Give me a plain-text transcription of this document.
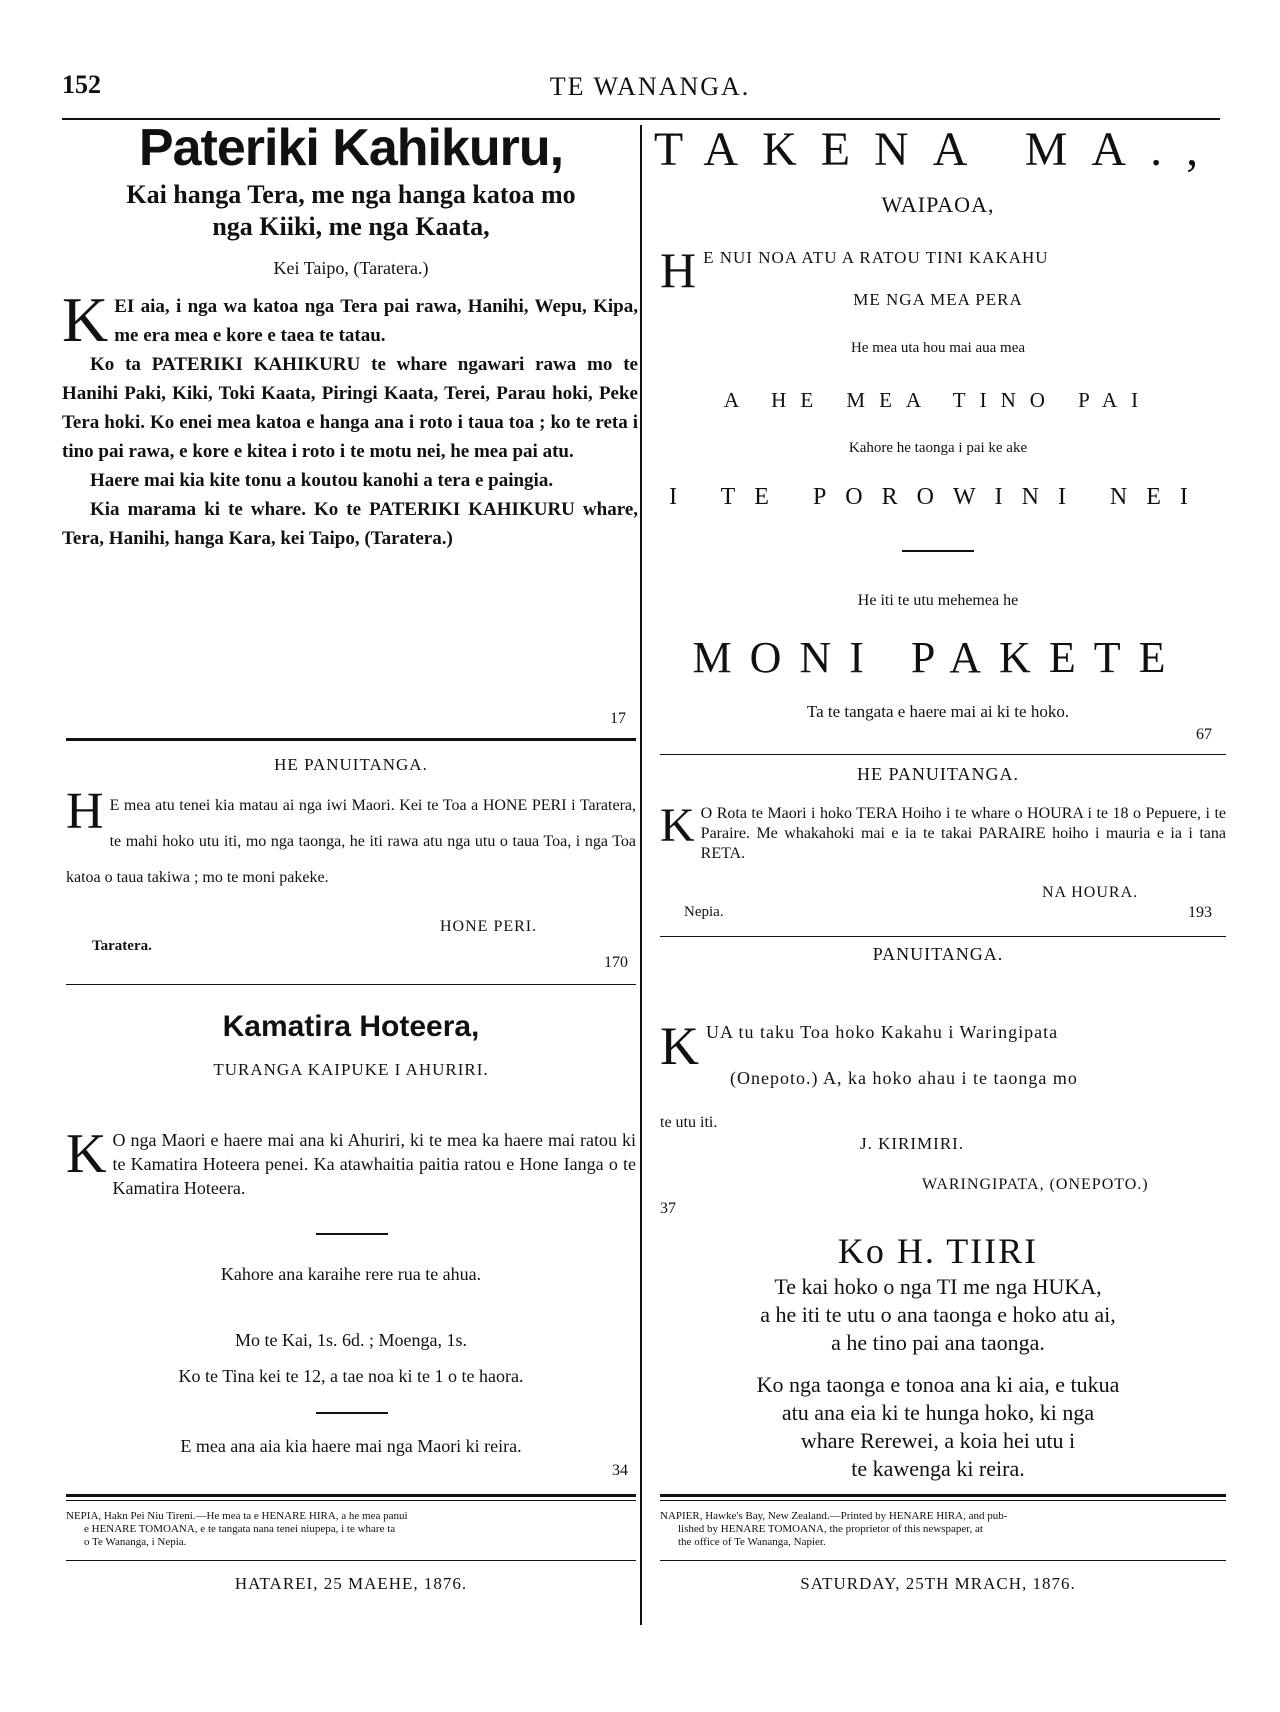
152	TE WANANGA.
Pateriki Kahikuru,
Kai hanga Tera, me nga hanga katoa mo
nga Kiiki, me nga Kaata,
Kei Taipo, (Taratera.)
K EI aia, i nga wa katoa nga Tera pai rawa, Hanihi, Wepu, Kipa, me era mea e kore e taea te tatau.

Ko ta PATERIKI KAHIKURU te whare ngawari rawa mo te Hanihi Paki, Kiki, Toki Kaata, Piringi Kaata, Terei, Parau hoki, Peke Tera hoki. Ko enei mea katoa e hanga ana i roto i taua toa ; ko te reta i tino pai rawa, e kore e kitea i roto i te motu nei, he mea pai atu.

Haere mai kia kite tonu a koutou kanohi a tera e paingia.

Kia marama ki te whare. Ko te PATERIKI KAHIKURU whare, Tera, Hanihi, hanga Kara, kei Taipo, (Taratera.)

17
HE PANUITANGA.
H E mea atu tenei kia matau ai nga iwi Maori. Kei te Toa a HONE PERI i Taratera, te mahi hoko utu iti, mo nga taonga, he iti rawa atu nga utu o taua Toa, i nga Toa katoa o taua takiwa ; mo te moni pakeke.
HONE PERI.
Taratera.
170
Kamatira Hoteera,
TURANGA KAIPUKE I AHURIRI.
K O nga Maori e haere mai ana ki Ahuriri, ki te mea ka haere mai ratou ki te Kamatira Hoteera penei. Ka atawhaitia paitia ratou e Hone Ianga o te Kamatira Hoteera.
Kahore ana karaihe rere rua te ahua.
Mo te Kai, 1s. 6d. ; Moenga, 1s.
Ko te Tina kei te 12, a tae noa ki te 1 o te haora.
E mea ana aia kia haere mai nga Maori ki reira.
34
TAKENA MA.,
WAIPAOA,
H E NUI NOA ATU A RATOU TINI KAKAHU
ME NGA MEA PERA
He mea uta hou mai aua mea
A HE MEA TINO PAI
Kahore he taonga i pai ke ake
I TE POROWINI NEI
He iti te utu mehemea he
MONI PAKETE
Ta te tangata e haere mai ai ki te hoko.
67
HE PANUITANGA.
K O Rota te Maori i hoko TERA Hoiho i te whare o HOURA i te 18 o Pepuere, i te Paraire. Me whakahoki mai e ia te takai PARAIRE hoiho i mauria e ia i tana RETA.
NA HOURA.
Nepia.	193
PANUITANGA.
K UA tu taku Toa hoko Kakahu i Waringipata
(Onepoto.) A, ka hoko ahau i te taonga mo
te utu iti.
J. KIRIMIRI.
WARINGIPATA, (ONEPOTO.)
37
Ko H. TIIRI
Te kai hoko o nga TI me nga HUKA,
a he iti te utu o ana taonga e hoko atu ai,
a he tino pai ana taonga.
Ko nga taonga e tonoa ana ki aia, e tukua
atu ana eia ki te hunga hoko, ki nga
whare Rerewei, a koia hei utu i
te kawenga ki reira.
NEPIA, Hakn Pei Niu Tireni.—He mea ta e HENARE HIRA, a he mea panui
e HENARE TOMOANA, e te tangata nana tenei niupepa, i te whare ta
o Te Wananga, i Nepia.
NAPIER, Hawke's Bay, New Zealand.—Printed by HENARE HIRA, and pub-
lished by HENARE TOMOANA, the proprietor of this newspaper, at
the office of Te Wananga, Napier.
HATAREI, 25 MAEHE, 1876.	SATURDAY, 25TH MRACH, 1876.
